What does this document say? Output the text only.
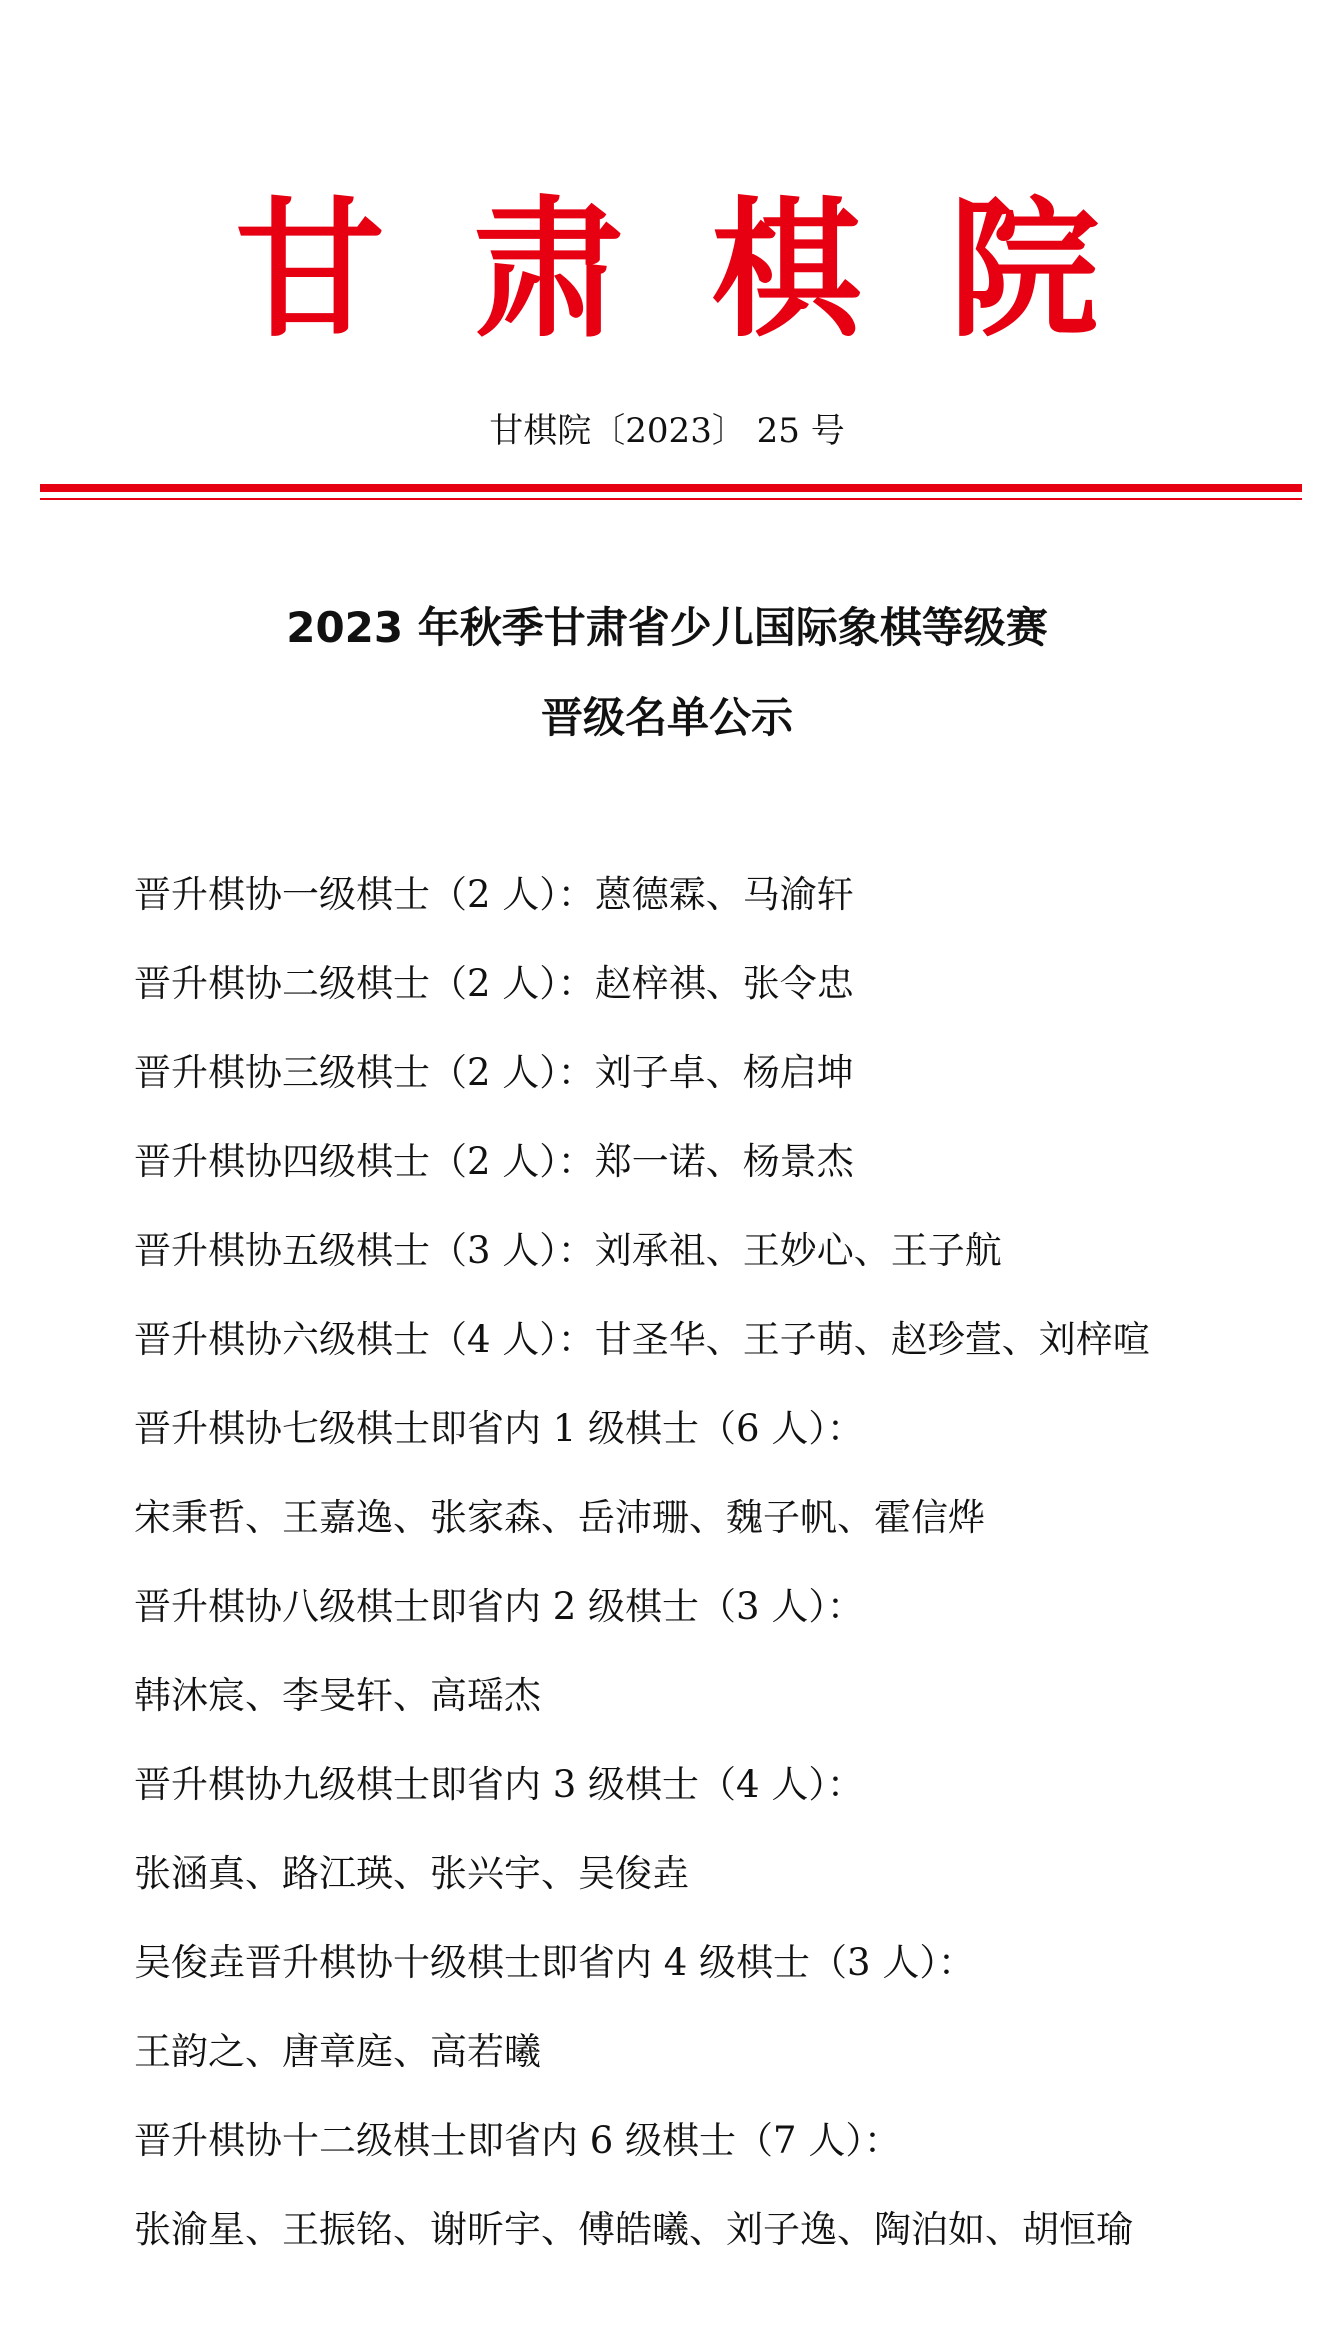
甘肃棋院
甘棋院〔2023〕 25 号
2023 年秋季甘肃省少儿国际象棋等级赛
晋级名单公示
晋升棋协一级棋士（2 人）：蒽德霖、马渝轩
晋升棋协二级棋士（2 人）：赵梓祺、张令忠
晋升棋协三级棋士（2 人）：刘子卓、杨启坤
晋升棋协四级棋士（2 人）：郑一诺、杨景杰
晋升棋协五级棋士（3 人）：刘承祖、王妙心、王子航
晋升棋协六级棋士（4 人）：甘圣华、王子萌、赵珍萱、刘梓喧
晋升棋协七级棋士即省内 1 级棋士（6 人）：
宋秉哲、王嘉逸、张家森、岳沛珊、魏子帆、霍信烨
晋升棋协八级棋士即省内 2 级棋士（3 人）：
韩沐宸、李旻轩、高瑶杰
晋升棋协九级棋士即省内 3 级棋士（4 人）：
张涵真、路江瑛、张兴宇、吴俊垚
吴俊垚晋升棋协十级棋士即省内 4 级棋士（3 人）：
王韵之、唐章庭、高若曦
晋升棋协十二级棋士即省内 6 级棋士（7 人）：
张渝星、王振铭、谢昕宇、傅皓曦、刘子逸、陶泊如、胡恒瑜
